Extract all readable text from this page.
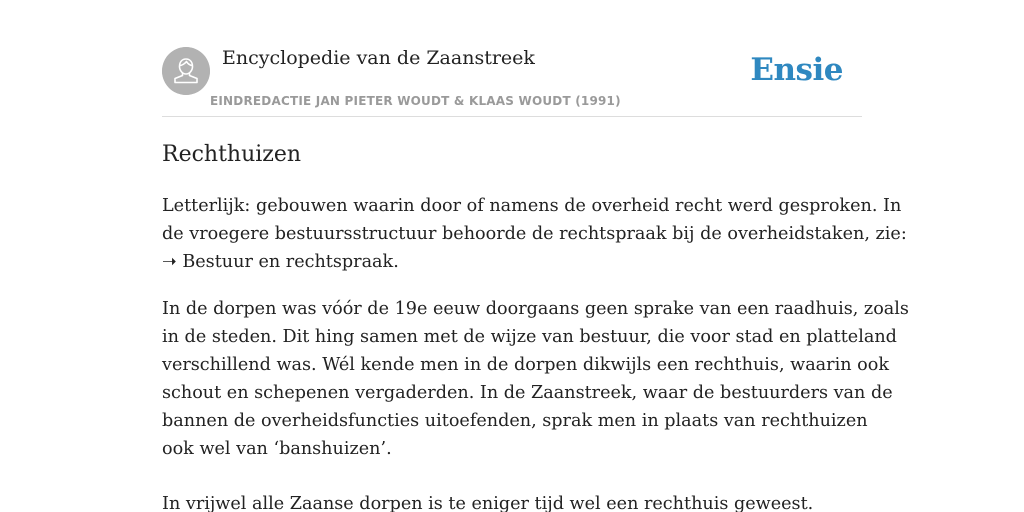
Encyclopedie van de Zaanstreek
EINDREDACTIE JAN PIETER WOUDT & KLAAS WOUDT (1991)
Ensie
Rechthuizen

Letterlijk: gebouwen waarin door of namens de overheid recht werd gesproken. In
de vroegere bestuursstructuur behoorde de rechtspraak bij de overheidstaken, zie:
➝ Bestuur en rechtspraak.

In de dorpen was vóór de 19e eeuw doorgaans geen sprake van een raadhuis, zoals
in de steden. Dit hing samen met de wijze van bestuur, die voor stad en platteland
verschillend was. Wél kende men in de dorpen dikwijls een rechthuis, waarin ook
schout en schepenen vergaderden. In de Zaanstreek, waar de bestuurders van de
bannen de overheidsfuncties uitoefenden, sprak men in plaats van rechthuizen
ook wel van ‘banshuizen’.

In vrijwel alle Zaanse dorpen is te eniger tijd wel een rechthuis geweest.
